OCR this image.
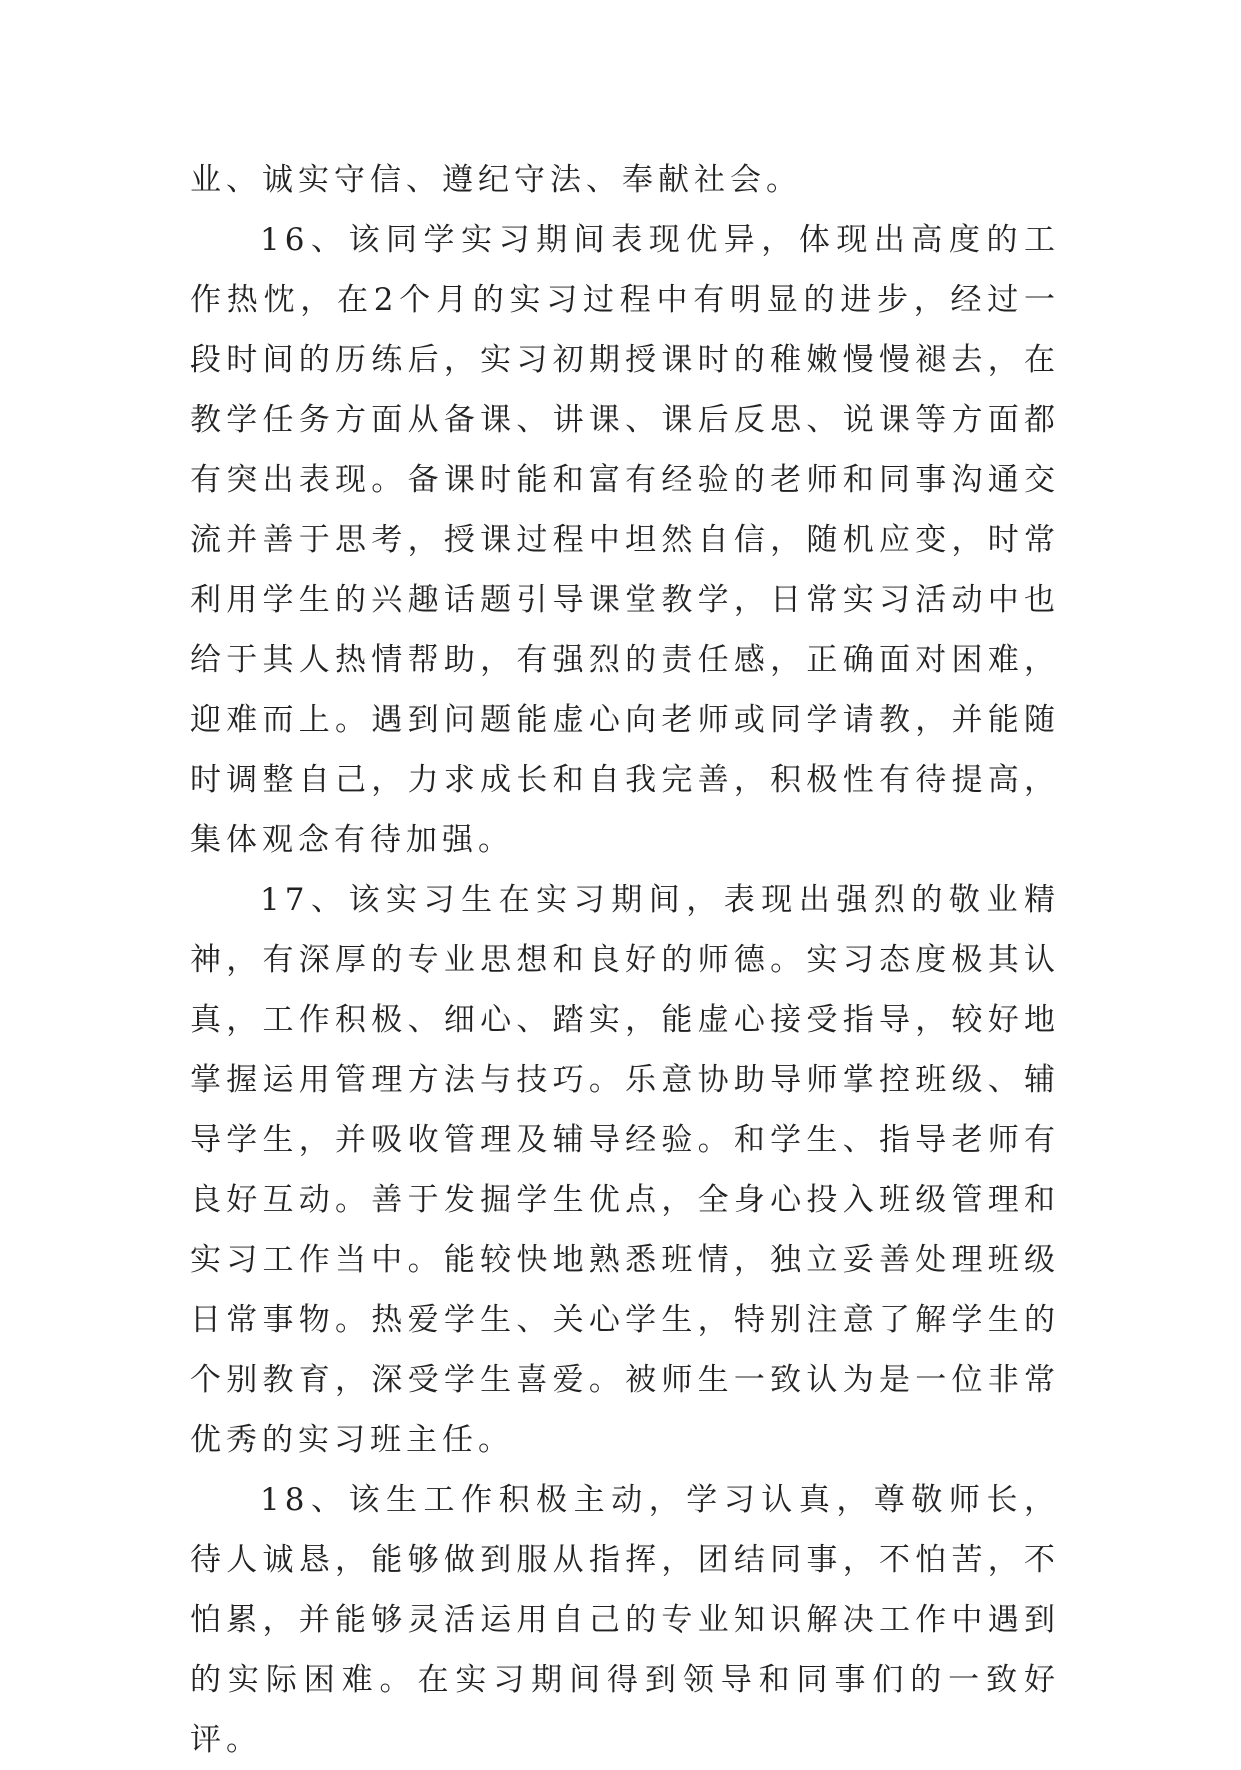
业、诚实守信、遵纪守法、奉献社会。

16、该同学实习期间表现优异，体现出高度的工作热忱，在2个月的实习过程中有明显的进步，经过一段时间的历练后，实习初期授课时的稚嫩慢慢褪去，在教学任务方面从备课、讲课、课后反思、说课等方面都有突出表现。备课时能和富有经验的老师和同事沟通交流并善于思考，授课过程中坦然自信，随机应变，时常利用学生的兴趣话题引导课堂教学，日常实习活动中也给于其人热情帮助，有强烈的责任感，正确面对困难，迎难而上。遇到问题能虚心向老师或同学请教，并能随时调整自己，力求成长和自我完善，积极性有待提高，集体观念有待加强。

17、该实习生在实习期间，表现出强烈的敬业精神，有深厚的专业思想和良好的师德。实习态度极其认真，工作积极、细心、踏实，能虚心接受指导，较好地掌握运用管理方法与技巧。乐意协助导师掌控班级、辅导学生，并吸收管理及辅导经验。和学生、指导老师有良好互动。善于发掘学生优点，全身心投入班级管理和实习工作当中。能较快地熟悉班情，独立妥善处理班级日常事物。热爱学生、关心学生，特别注意了解学生的个别教育，深受学生喜爱。被师生一致认为是一位非常优秀的实习班主任。

18、该生工作积极主动，学习认真，尊敬师长，待人诚恳，能够做到服从指挥，团结同事，不怕苦，不怕累，并能够灵活运用自己的专业知识解决工作中遇到的实际困难。在实习期间得到领导和同事们的一致好评。
